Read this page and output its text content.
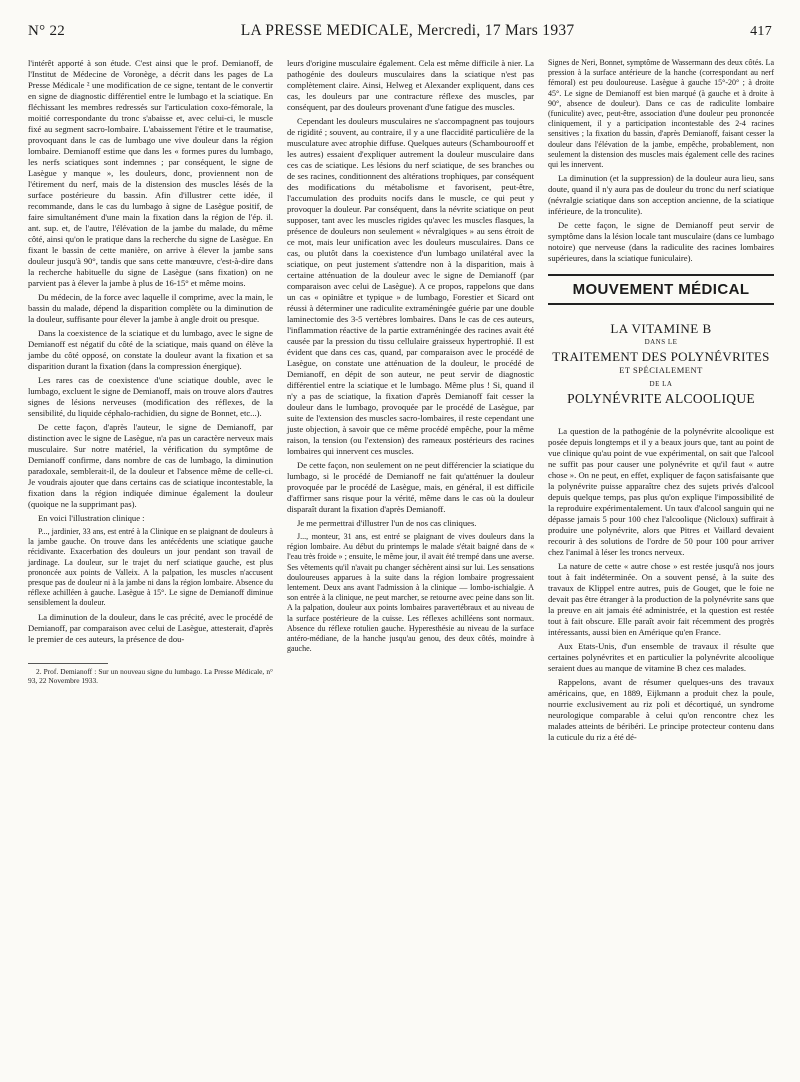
N° 22	LA PRESSE MEDICALE, Mercredi, 17 Mars 1937	417

l'intérêt apporté à son étude. C'est ainsi que le prof. Demianoff, de l'Institut de Médecine de Voronège, a décrit dans les pages de La Presse Médicale ² une modification de ce signe, tentant de le convertir en signe de diagnostic différentiel entre le lumbago et la sciatique. En fléchissant les membres redressés sur l'articulation coxo-fémorale, la moitié correspondante du tronc s'abaisse et, avec celui-ci, le muscle fixé au segment sacro-lombaire. L'abaissement l'étire et le traumatise, provoquant dans le cas de lumbago une vive douleur dans la région lombaire. Demianoff estime que dans les « formes pures du lumbago, les nerfs sciatiques sont indemnes ; par conséquent, le signe de Lasègue y manque », les douleurs, donc, proviennent non de l'étirement du nerf, mais de la distension des muscles lésés de la surface postérieure du bassin. Afin d'illustrer cette idée, il recommande, dans le cas du lumbago à signe de Lasègue positif, de faire simultanément d'une main la fixation dans la région de l'ép. il. ant. sup. et, de l'autre, l'élévation de la jambe du malade, du même côté, ainsi qu'on le pratique dans la recherche du signe de Lasègue. En fixant le bassin de cette manière, on arrive à élever la jambe sans douleur jusqu'à 90°, tandis que sans cette manœuvre, c'est-à-dire dans la recherche habituelle du signe de Lasègue (sans fixation) on ne parvient pas à élever la jambe à plus de 16-15° et même moins.

Du médecin, de la force avec laquelle il comprime, avec la main, le bassin du malade, dépend la disparition complète ou la diminution de la douleur, suffisante pour élever la jambe à angle droit ou presque.

Dans la coexistence de la sciatique et du lumbago, avec le signe de Demianoff est négatif du côté de la sciatique, mais quand on élève la jambe du côté opposé, on constate la douleur avant la fixation et sa disparition durant la fixation (dans la compression énergique).

Les rares cas de coexistence d'une sciatique double, avec le lumbago, excluent le signe de Demianoff, mais on trouve alors d'autres signes de lésions nerveuses (modification des réflexes, de la sensibilité, du liquide céphalo-rachidien, du signe de Bonnet, etc...).

De cette façon, d'après l'auteur, le signe de Demianoff, par distinction avec le signe de Lasègue, n'a pas un caractère nerveux mais musculaire. Sur notre matériel, la vérification du symptôme de Demianoff confirme, dans nombre de cas de lumbago, la diminution paradoxale, semblerait-il, de la douleur et l'absence même de celle-ci. Je voudrais ajouter que dans certains cas de sciatique incontestable, la fixation dans la région indiquée diminue également la douleur (quoique ne la supprimant pas).

En voici l'illustration clinique :

P..., jardinier, 33 ans, est entré à la Clinique en se plaignant de douleurs à la jambe gauche. On trouve dans les antécédents une sciatique gauche récidivante. Exacerbation des douleurs un jour pendant son travail de jardinage. La douleur, sur le trajet du nerf sciatique gauche, est plus prononcée aux points de Valleix. A la palpation, les muscles n'accusent presque pas de douleur ni à la jambe ni dans la région lombaire. Absence du réflexe achilléen à gauche. Lasègue à 15°. Le signe de Demianoff diminue sensiblement la douleur.

La diminution de la douleur, dans le cas précité, avec le procédé de Demianoff, par comparaison avec celui de Lasègue, attesterait, d'après le premier de ces auteurs, la présence de dou-

2. Prof. Demianoff : Sur un nouveau signe du lumbago. La Presse Médicale, n° 93, 22 Novembre 1933.

leurs d'origine musculaire également. Cela est même difficile à nier. La pathogénie des douleurs musculaires dans la sciatique n'est pas complètement claire. Ainsi, Helweg et Alexander expliquent, dans ces cas, les douleurs par une contracture réflexe des muscles, par conséquent, par des douleurs provenant d'une fatigue des muscles.

Cependant les douleurs musculaires ne s'accompagnent pas toujours de rigidité ; souvent, au contraire, il y a une flaccidité particulière de la musculature avec atrophie diffuse. Quelques auteurs (Schambourooff et les autres) essaient d'expliquer autrement la douleur musculaire dans ces cas de sciatique. Les lésions du nerf sciatique, de ses branches ou de ses racines, conditionnent des altérations trophiques, par conséquent des modifications du métabolisme et favorisent, peut-être, l'accumulation des produits nocifs dans le muscle, ce qui peut y provoquer la douleur. Par conséquent, dans la névrite sciatique on peut supposer, tant avec les muscles rigides qu'avec les muscles flasques, la présence de douleurs non seulement « névralgiques » au sens étroit de ce mot, mais leur unification avec les douleurs musculaires. Dans ce cas, ou plutôt dans la coexistence d'un lumbago unilatéral avec la sciatique, on peut justement s'attendre non à la disparition, mais à certaine atténuation de la douleur avec le signe de Demianoff (par comparaison avec celui de Lasègue). A ce propos, rappelons que dans un cas « opiniâtre et typique » de lumbago, Forestier et Sicard ont réussi à déterminer une radiculite extraméningée guérie par une double laminectomie des 3-5 vertèbres lombaires. Dans le cas de ces auteurs, l'inflammation réactive de la partie extraméningée des racines avait été causée par la pression du tissu cellulaire graisseux hypertrophié. Il est évident que dans ces cas, quand, par comparaison avec le procédé de Lasègue, on constate une atténuation de la douleur, le procédé de Demianoff, en dépit de son auteur, ne peut servir de diagnostic différentiel entre la sciatique et le lumbago. Même plus ! Si, quand il n'y a pas de sciatique, la fixation d'après Demianoff fait cesser la douleur dans le lumbago, provoquée par le procédé de Lasègue, par suite de l'extension des muscles sacro-lombaires, il reste cependant une juste objection, à savoir que ce même procédé empêche, pour la même raison, la tension (ou l'extension) des rameaux postérieurs des racines lombaires qui innervent ces muscles.

De cette façon, non seulement on ne peut différencier la sciatique du lumbago, si le procédé de Demianoff ne fait qu'atténuer la douleur provoquée par le procédé de Lasègue, mais, en général, il est difficile d'affirmer sans risque pour la vérité, même dans le cas où la douleur disparaît durant la fixation d'après Demianoff.

Je me permettrai d'illustrer l'un de nos cas cliniques.

J..., monteur, 31 ans, est entré se plaignant de vives douleurs dans la région lombaire. Au début du printemps le malade s'était baigné dans de « l'eau très froide » ; ensuite, le même jour, il avait été trempé dans une averse. Ses vêtements qu'il n'avait pu changer séchèrent ainsi sur lui. Les sensations douloureuses apparues à la suite dans la région lombaire progressaient lentement. Deux ans avant l'admission à la clinique — lombo-ischialgie. A son entrée à la clinique, ne peut marcher, se retourne avec peine dans son lit. A la palpation, douleur aux points lombaires paravertébraux et au niveau de la surface postérieure de la cuisse. Les réflexes achilléens sont normaux. Absence du réflexe rotulien gauche. Hyperesthésie au niveau de la surface antéro-médiane, de la hanche jusqu'au genou, des deux côtés, moindre à gauche.

Signes de Neri, Bonnet, symptôme de Wassermann des deux côtés. La pression à la surface antérieure de la hanche (correspondant au nerf fémoral) est peu douloureuse. Lasègue à gauche 15°-20° ; à droite 45°. Le signe de Demianoff est bien marqué (à gauche et à droite à 90°, absence de douleur). Dans ce cas de radiculite lombaire (funiculite) avec, peut-être, association d'une douleur peu prononcée cliniquement, il y a participation incontestable des 2-4 racines sensitives ; la fixation du bassin, d'après Demianoff, faisant cesser la douleur dans l'élévation de la jambe, empêche, probablement, non seulement la distension des muscles mais également celle des racines qui les innervent.

La diminution (et la suppression) de la douleur aura lieu, sans doute, quand il n'y aura pas de douleur du tronc du nerf sciatique (névralgie sciatique dans son acception ancienne, de la sciatique inférieure, de la tronculite).

De cette façon, le signe de Demianoff peut servir de symptôme dans la lésion locale tant musculaire (dans ce lumbago notoire) que nerveuse (dans la radiculite des racines lombaires supérieures, dans la sciatique funiculaire).

MOUVEMENT MÉDICAL
LA VITAMINE B
DANS LE
TRAITEMENT DES POLYNÉVRITES
ET SPÉCIALEMENT
DE LA
POLYNÉVRITE ALCOOLIQUE

La question de la pathogénie de la polynévrite alcoolique est posée depuis longtemps et il y a beaux jours que, tant au point de vue clinique qu'au point de vue expérimental, on sait que l'alcool ne suffit pas pour causer une polynévrite et qu'il faut « autre chose ». On ne peut, en effet, expliquer de façon satisfaisante que la polynévrite puisse apparaître chez des sujets privés d'alcool depuis quelque temps, pas plus qu'on explique l'impossibilité de la reproduire expérimentalement. Un taux d'alcool sanguin qui ne dépasse jamais 5 pour 100 chez l'alcoolique (Nicloux) suffirait à produire une polynévrite, alors que Pitres et Vaillard devaient recourir à des solutions de l'ordre de 50 pour 100 pour arriver chez l'animal à léser les troncs nerveux.

La nature de cette « autre chose » est restée jusqu'à nos jours tout à fait indéterminée. On a souvent pensé, à la suite des travaux de Klippel entre autres, puis de Gouget, que le foie ne devait pas être étranger à la production de la polynévrite sans que la preuve en ait jamais été administrée, et la question est restée tout à fait obscure. Elle paraît avoir fait récemment des progrès intéressants, aussi bien en Amérique qu'en France.

Aux Etats-Unis, d'un ensemble de travaux il résulte que certaines polynévrites et en particulier la polynévrite alcoolique seraient dues au manque de vitamine B chez ces malades.

Rappelons, avant de résumer quelques-uns des travaux américains, que, en 1889, Eijkmann a produit chez la poule, nourrie exclusivement au riz poli et décortiqué, un syndrome neurologique comparable à celui qu'on rencontre chez les malades atteints de béribéri. Le principe protecteur contenu dans la cuticule du riz a été dé-
